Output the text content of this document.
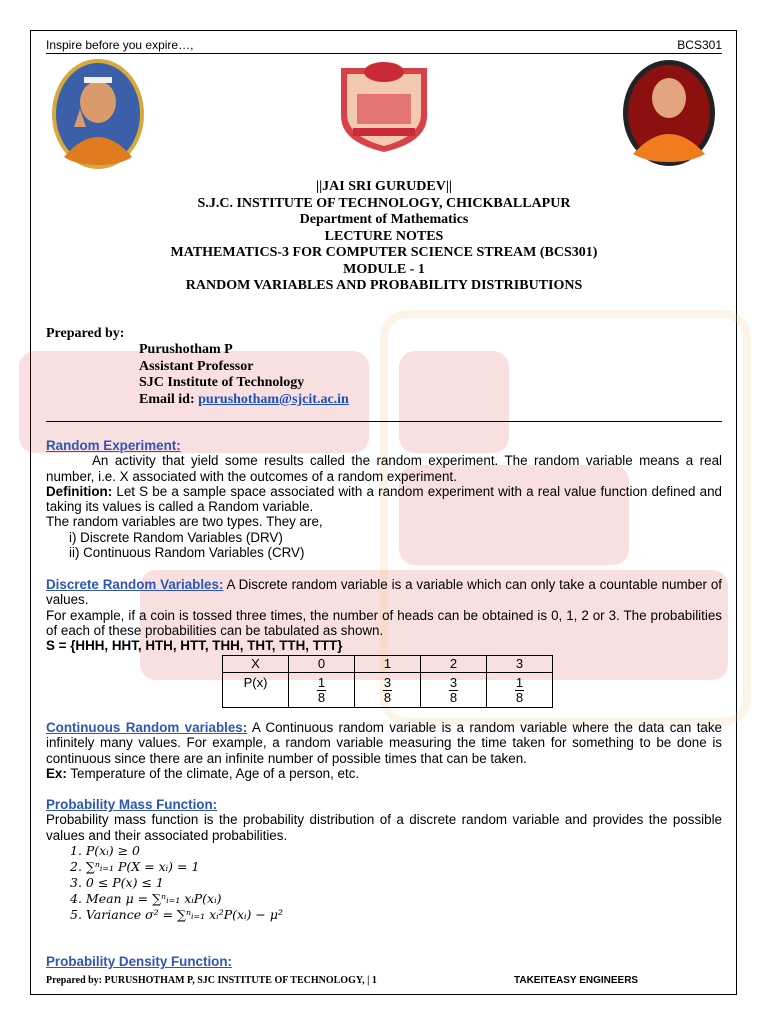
Inspire before you expire…,	BCS301
||JAI SRI GURUDEV||
S.J.C. INSTITUTE OF TECHNOLOGY, CHICKBALLAPUR
Department of Mathematics
LECTURE NOTES
MATHEMATICS-3 FOR COMPUTER SCIENCE STREAM (BCS301)
MODULE - 1
RANDOM VARIABLES AND PROBABILITY DISTRIBUTIONS
Prepared by:
Purushotham P
Assistant Professor
SJC Institute of Technology
Email id: purushotham@sjcit.ac.in
Random Experiment:
An activity that yield some results called the random experiment. The random variable means a real number, i.e. X associated with the outcomes of a random experiment.
Definition: Let S be a sample space associated with a random experiment with a real value function defined and taking its values is called a Random variable.
The random variables are two types. They are,
i) Discrete Random Variables (DRV)
ii) Continuous Random Variables (CRV)
Discrete Random Variables: A Discrete random variable is a variable which can only take a countable number of values.
For example, if a coin is tossed three times, the number of heads can be obtained is 0, 1, 2 or 3. The probabilities of each of these probabilities can be tabulated as shown.
S = {HHH, HHT, HTH, HTT, THH, THT, TTH, TTT}
X	0	1	2	3
P(x)	$\frac{1}{8}$	$\frac{3}{8}$	$\frac{3}{8}$	$\frac{1}{8}$
Continuous Random variables: A Continuous random variable is a random variable where the data can take infinitely many values. For example, a random variable measuring the time taken for something to be done is continuous since there are an infinite number of possible times that can be taken.
Ex: Temperature of the climate, Age of a person, etc.
Probability Mass Function:
Probability mass function is the probability distribution of a discrete random variable and provides the possible values and their associated probabilities.
1. P(xᵢ) ≥ 0
2. ∑ⁿᵢ₌₁ P(X = xᵢ) = 1
3. 0 ≤ P(x) ≤ 1
4. Mean μ = ∑ⁿᵢ₌₁ xᵢP(xᵢ)
5. Variance σ² = ∑ⁿᵢ₌₁ xᵢ²P(xᵢ) − μ²
Probability Density Function:
Prepared by: PURUSHOTHAM P, SJC INSTITUTE OF TECHNOLOGY, | 1	TAKEITEASY ENGINEERS
